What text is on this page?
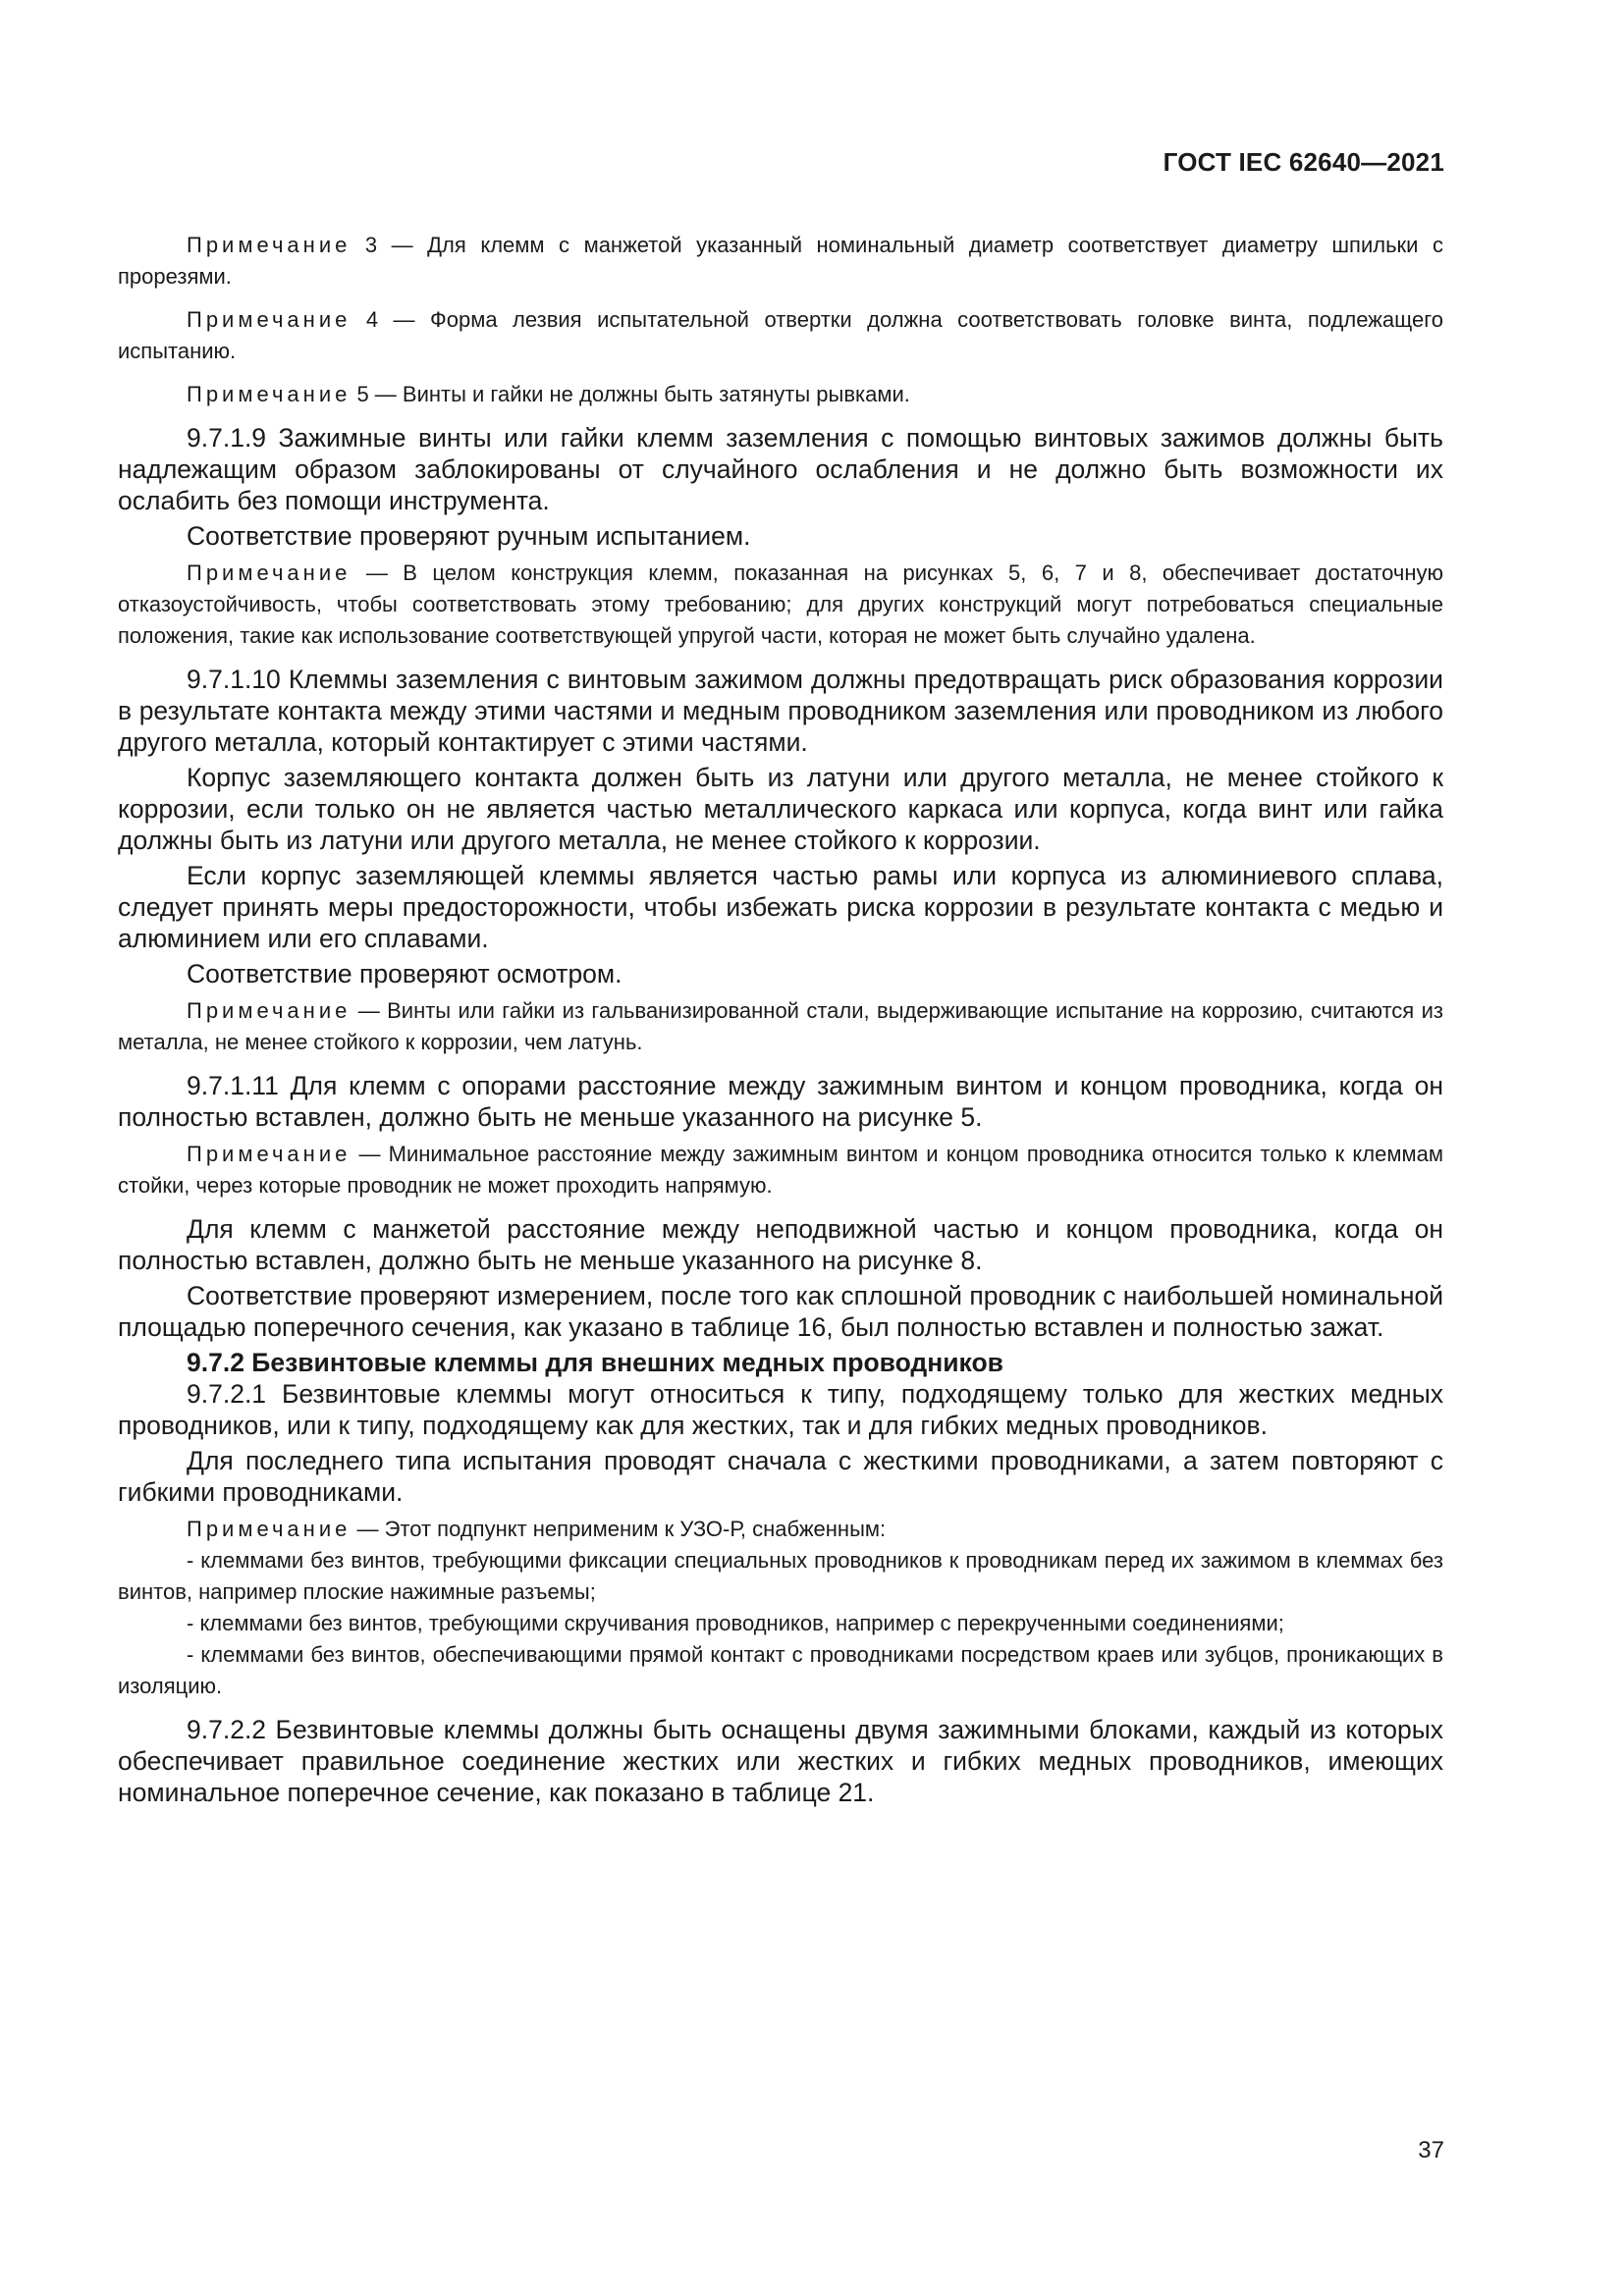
ГОСТ IEC 62640—2021

Примечание 3 — Для клемм с манжетой указанный номинальный диаметр соответствует диаметру шпильки с прорезями.

Примечание 4 — Форма лезвия испытательной отвертки должна соответствовать головке винта, подлежащего испытанию.

Примечание 5 — Винты и гайки не должны быть затянуты рывками.

9.7.1.9 Зажимные винты или гайки клемм заземления с помощью винтовых зажимов должны быть надлежащим образом заблокированы от случайного ослабления и не должно быть возможности их ослабить без помощи инструмента.

Соответствие проверяют ручным испытанием.

Примечание — В целом конструкция клемм, показанная на рисунках 5, 6, 7 и 8, обеспечивает достаточную отказоустойчивость, чтобы соответствовать этому требованию; для других конструкций могут потребоваться специальные положения, такие как использование соответствующей упругой части, которая не может быть случайно удалена.

9.7.1.10 Клеммы заземления с винтовым зажимом должны предотвращать риск образования коррозии в результате контакта между этими частями и медным проводником заземления или проводником из любого другого металла, который контактирует с этими частями.

Корпус заземляющего контакта должен быть из латуни или другого металла, не менее стойкого к коррозии, если только он не является частью металлического каркаса или корпуса, когда винт или гайка должны быть из латуни или другого металла, не менее стойкого к коррозии.

Если корпус заземляющей клеммы является частью рамы или корпуса из алюминиевого сплава, следует принять меры предосторожности, чтобы избежать риска коррозии в результате контакта с медью и алюминием или его сплавами.

Соответствие проверяют осмотром.

Примечание — Винты или гайки из гальванизированной стали, выдерживающие испытание на коррозию, считаются из металла, не менее стойкого к коррозии, чем латунь.

9.7.1.11 Для клемм с опорами расстояние между зажимным винтом и концом проводника, когда он полностью вставлен, должно быть не меньше указанного на рисунке 5.

Примечание — Минимальное расстояние между зажимным винтом и концом проводника относится только к клеммам стойки, через которые проводник не может проходить напрямую.

Для клемм с манжетой расстояние между неподвижной частью и концом проводника, когда он полностью вставлен, должно быть не меньше указанного на рисунке 8.

Соответствие проверяют измерением, после того как сплошной проводник с наибольшей номинальной площадью поперечного сечения, как указано в таблице 16, был полностью вставлен и полностью зажат.

9.7.2 Безвинтовые клеммы для внешних медных проводников

9.7.2.1 Безвинтовые клеммы могут относиться к типу, подходящему только для жестких медных проводников, или к типу, подходящему как для жестких, так и для гибких медных проводников.

Для последнего типа испытания проводят сначала с жесткими проводниками, а затем повторяют с гибкими проводниками.

Примечание — Этот подпункт неприменим к УЗО-Р, снабженным:

- клеммами без винтов, требующими фиксации специальных проводников к проводникам перед их зажимом в клеммах без винтов, например плоские нажимные разъемы;

- клеммами без винтов, требующими скручивания проводников, например с перекрученными соединениями;

- клеммами без винтов, обеспечивающими прямой контакт с проводниками посредством краев или зубцов, проникающих в изоляцию.

9.7.2.2 Безвинтовые клеммы должны быть оснащены двумя зажимными блоками, каждый из которых обеспечивает правильное соединение жестких или жестких и гибких медных проводников, имеющих номинальное поперечное сечение, как показано в таблице 21.

37
